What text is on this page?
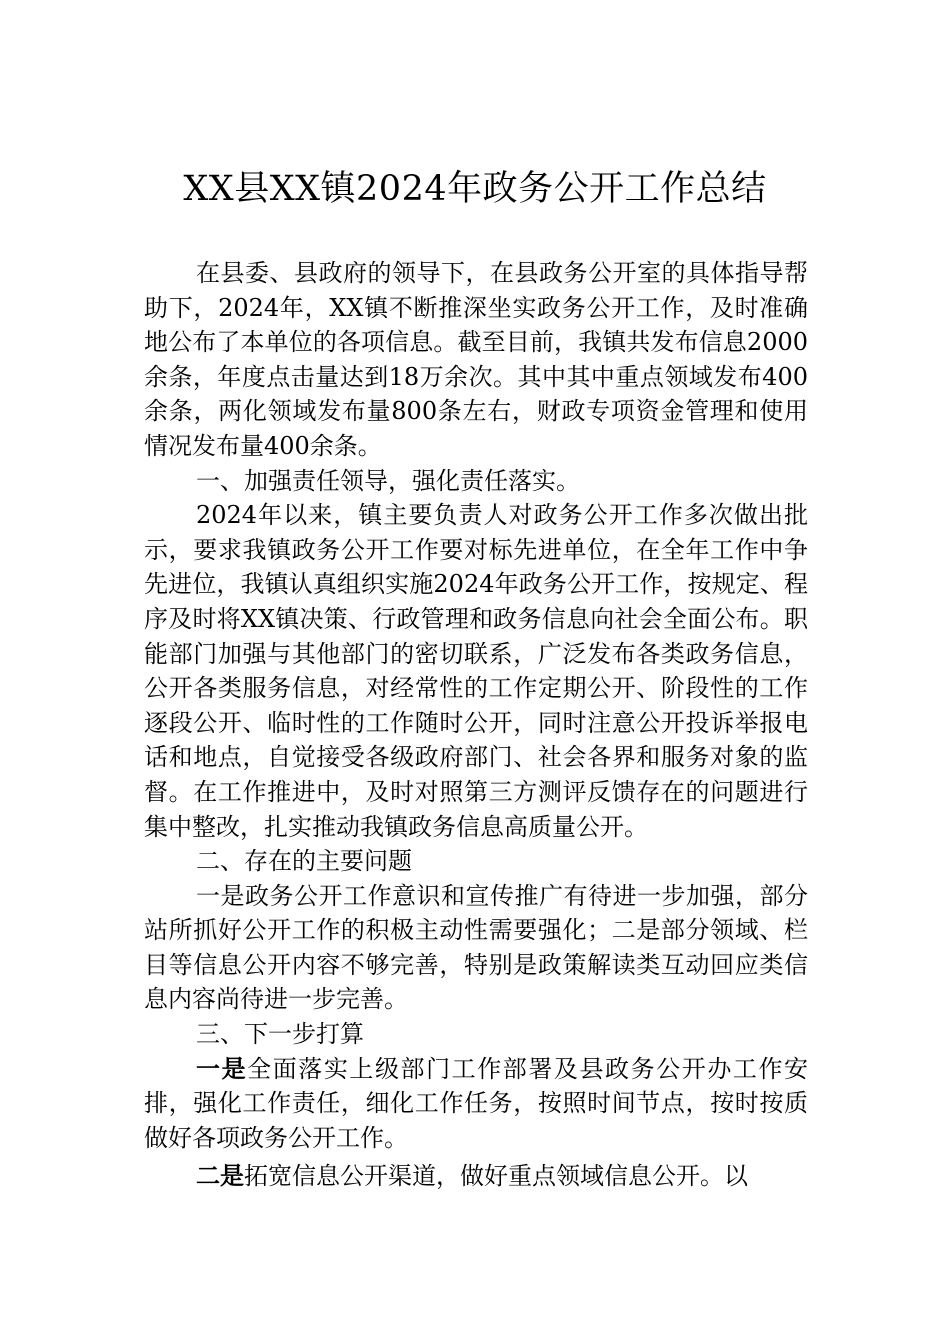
XX县XX镇2024年政务公开工作总结

在县委、县政府的领导下，在县政务公开室的具体指导帮助下，2024年，XX镇不断推深坐实政务公开工作，及时准确地公布了本单位的各项信息。截至目前，我镇共发布信息2000余条，年度点击量达到18万余次。其中其中重点领域发布400余条，两化领域发布量800条左右，财政专项资金管理和使用情况发布量400余条。

一、加强责任领导，强化责任落实。

2024年以来，镇主要负责人对政务公开工作多次做出批示，要求我镇政务公开工作要对标先进单位，在全年工作中争先进位，我镇认真组织实施2024年政务公开工作，按规定、程序及时将XX镇决策、行政管理和政务信息向社会全面公布。职能部门加强与其他部门的密切联系，广泛发布各类政务信息，公开各类服务信息，对经常性的工作定期公开、阶段性的工作逐段公开、临时性的工作随时公开，同时注意公开投诉举报电话和地点，自觉接受各级政府部门、社会各界和服务对象的监督。在工作推进中，及时对照第三方测评反馈存在的问题进行集中整改，扎实推动我镇政务信息高质量公开。

二、存在的主要问题

一是政务公开工作意识和宣传推广有待进一步加强，部分站所抓好公开工作的积极主动性需要强化；二是部分领域、栏目等信息公开内容不够完善，特别是政策解读类互动回应类信息内容尚待进一步完善。

三、下一步打算

一是全面落实上级部门工作部署及县政务公开办工作安排，强化工作责任，细化工作任务，按照时间节点，按时按质做好各项政务公开工作。

二是拓宽信息公开渠道，做好重点领域信息公开。以
